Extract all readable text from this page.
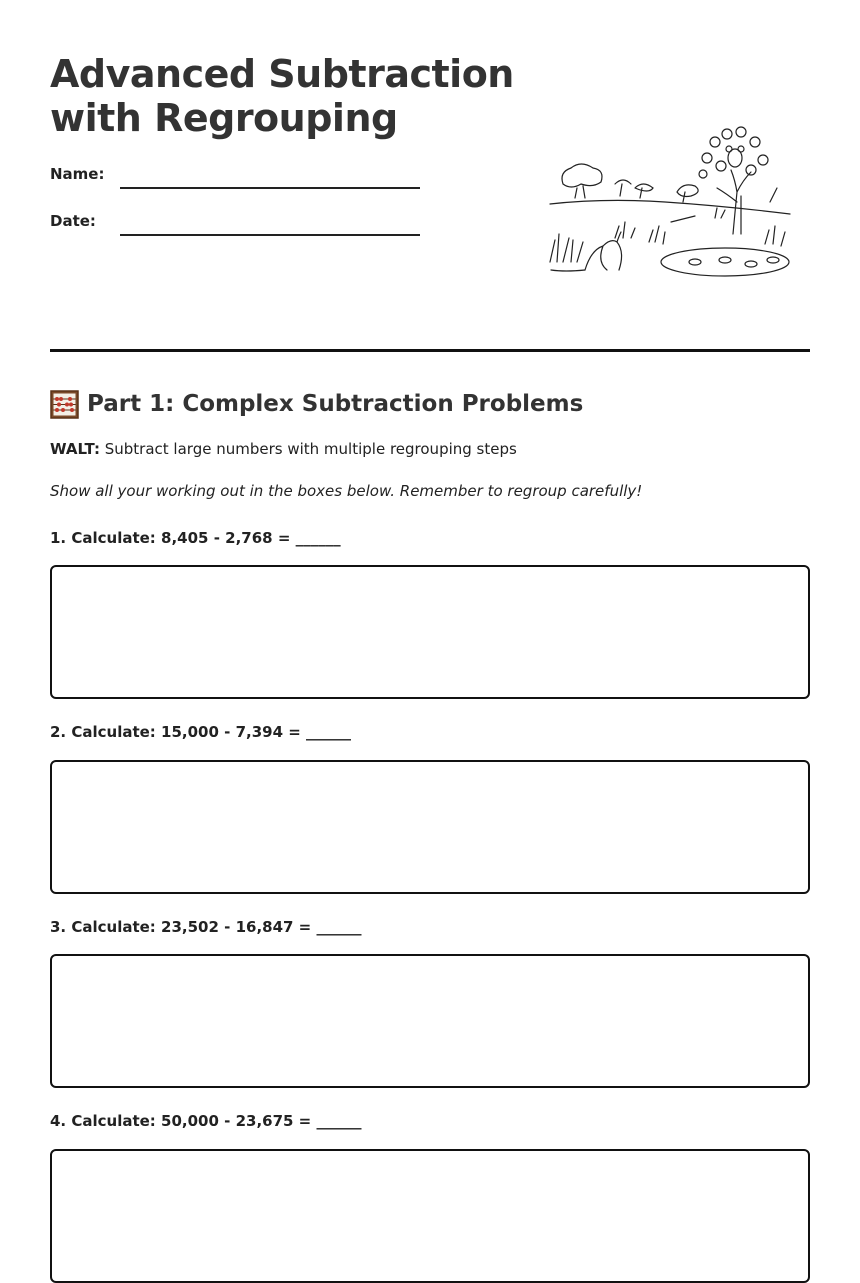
Advanced Subtraction
with Regrouping
Name:
Date:
Part 1: Complex Subtraction Problems
WALT: Subtract large numbers with multiple regrouping steps
Show all your working out in the boxes below. Remember to regroup carefully!
1. Calculate: 8,405 - 2,768 = ______
2. Calculate: 15,000 - 7,394 = ______
3. Calculate: 23,502 - 16,847 = ______
4. Calculate: 50,000 - 23,675 = ______
